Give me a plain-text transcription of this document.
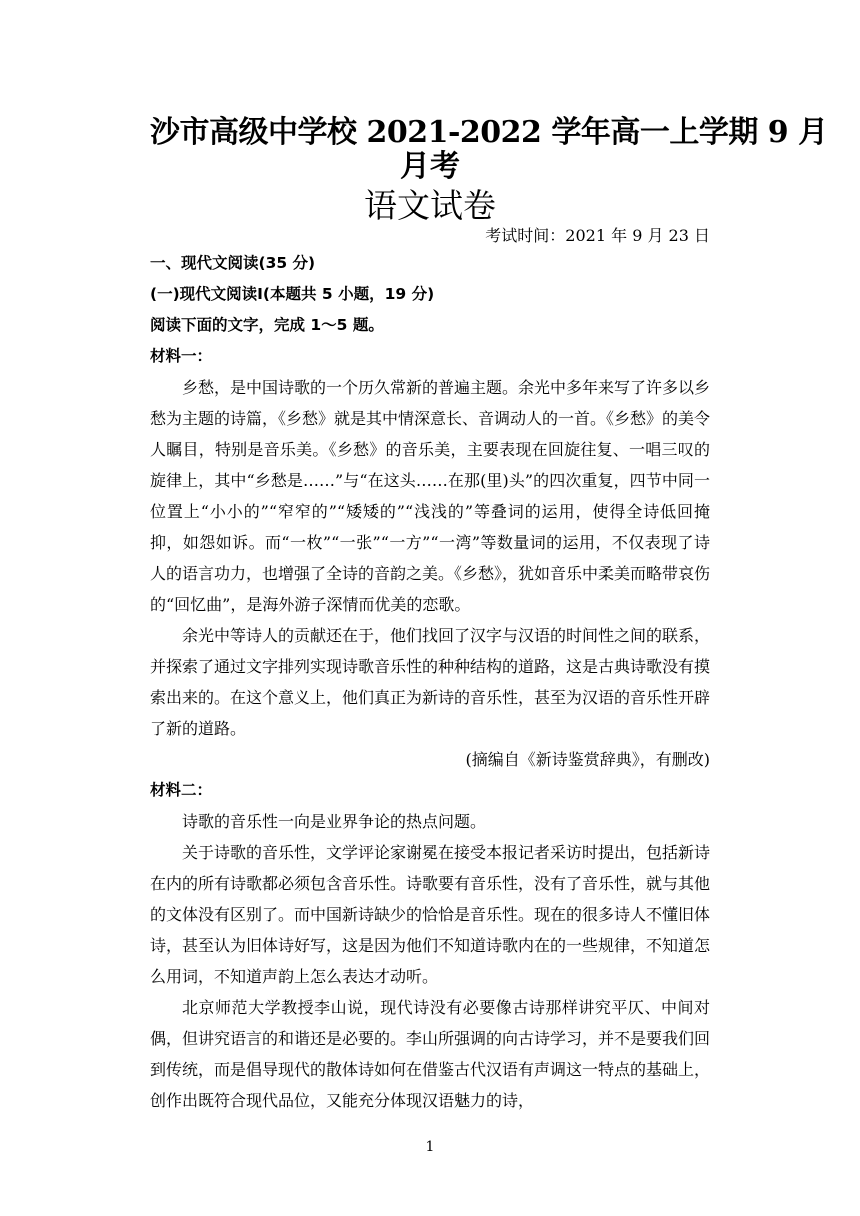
沙市高级中学校 2021-2022 学年高一上学期 9 月
月考
语文试卷
考试时间：2021 年 9 月 23 日
一、现代文阅读(35 分)
(一)现代文阅读I(本题共 5 小题，19 分)
阅读下面的文字，完成 1～5 题。
材料一：

乡愁，是中国诗歌的一个历久常新的普遍主题。余光中多年来写了许多以乡愁为主题的诗篇，《乡愁》就是其中情深意长、音调动人的一首。《乡愁》的美令人瞩目，特别是音乐美。《乡愁》的音乐美，主要表现在回旋往复、一唱三叹的旋律上，其中“乡愁是……”与“在这头……在那(里)头”的四次重复，四节中同一位置上“小小的”“窄窄的”“矮矮的”“浅浅的”等叠词的运用，使得全诗低回掩抑，如怨如诉。而“一枚”“一张”“一方”“一湾”等数量词的运用，不仅表现了诗人的语言功力，也增强了全诗的音韵之美。《乡愁》，犹如音乐中柔美而略带哀伤的“回忆曲”，是海外游子深情而优美的恋歌。

余光中等诗人的贡献还在于，他们找回了汉字与汉语的时间性之间的联系，并探索了通过文字排列实现诗歌音乐性的种种结构的道路，这是古典诗歌没有摸索出来的。在这个意义上，他们真正为新诗的音乐性，甚至为汉语的音乐性开辟了新的道路。

(摘编自《新诗鉴赏辞典》，有删改)
材料二：

诗歌的音乐性一向是业界争论的热点问题。

关于诗歌的音乐性，文学评论家谢冕在接受本报记者采访时提出，包括新诗在内的所有诗歌都必须包含音乐性。诗歌要有音乐性，没有了音乐性，就与其他的文体没有区别了。而中国新诗缺少的恰恰是音乐性。现在的很多诗人不懂旧体诗，甚至认为旧体诗好写，这是因为他们不知道诗歌内在的一些规律，不知道怎么用词，不知道声韵上怎么表达才动听。

北京师范大学教授李山说，现代诗没有必要像古诗那样讲究平仄、中间对偶，但讲究语言的和谐还是必要的。李山所强调的向古诗学习，并不是要我们回到传统，而是倡导现代的散体诗如何在借鉴古代汉语有声调这一特点的基础上，创作出既符合现代品位，又能充分体现汉语魅力的诗，

1
